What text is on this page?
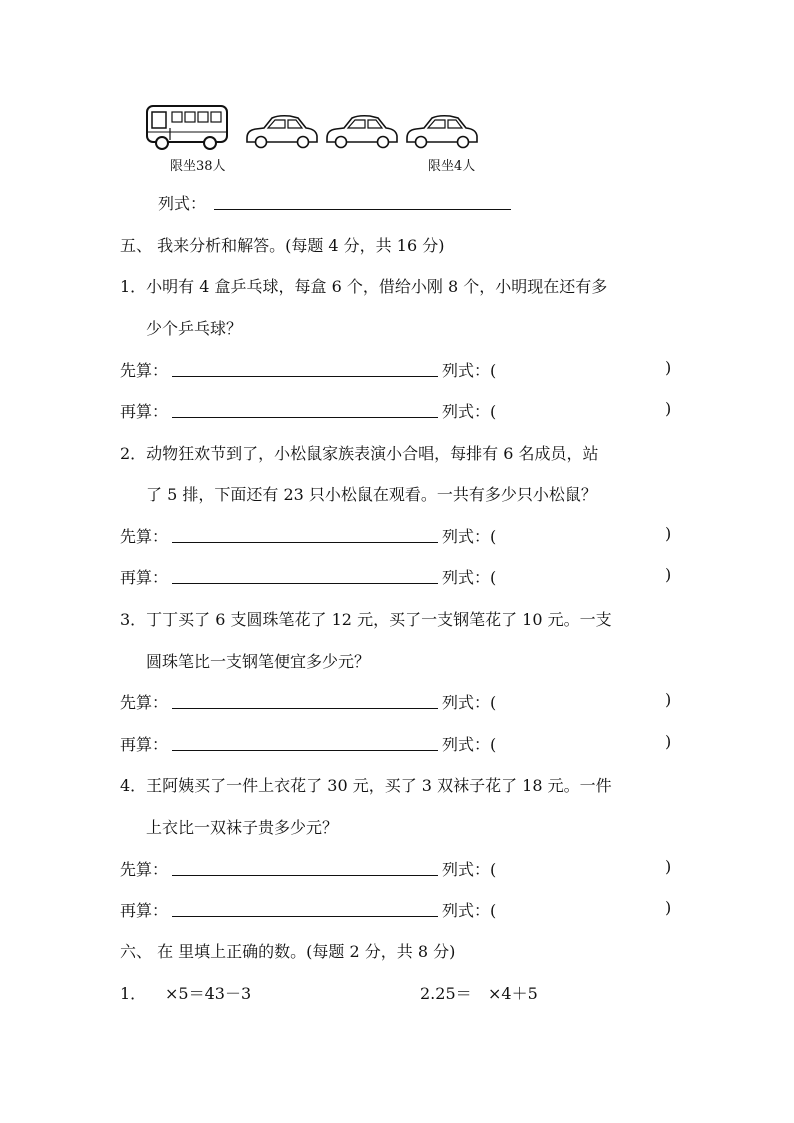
限坐38人	限坐4人
列式：
五、 我来分析和解答。(每题 4 分，共 16 分)
1．小明有 4 盒乒乓球，每盒 6 个，借给小刚 8 个，小明现在还有多
少个乒乓球？
先算：	列式：(	)
再算：	列式：(	)
2．动物狂欢节到了，小松鼠家族表演小合唱，每排有 6 名成员，站
了 5 排，下面还有 23 只小松鼠在观看。一共有多少只小松鼠？
先算：	列式：(	)
再算：	列式：(	)
3．丁丁买了 6 支圆珠笔花了 12 元，买了一支钢笔花了 10 元。一支
圆珠笔比一支钢笔便宜多少元？
先算：	列式：(	)
再算：	列式：(	)
4．王阿姨买了一件上衣花了 30 元，买了 3 双袜子花了 18 元。一件
上衣比一双袜子贵多少元？
先算：	列式：(	)
再算：	列式：(	)
六、 在 里填上正确的数。(每题 2 分，共 8 分)
1． ×5＝43－3	2.25＝ ×4＋5
